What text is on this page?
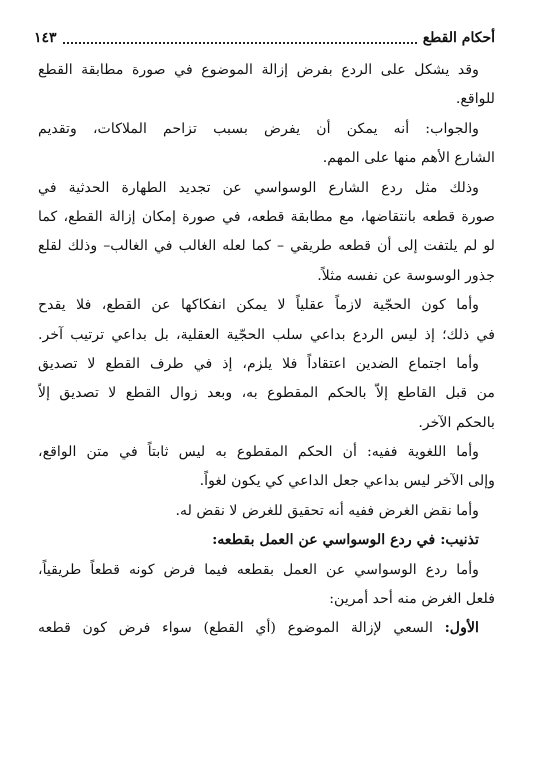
أحكام القطع
١٤٣
وقد يشكل على الردع بفرض إزالة الموضوع في صورة مطابقة القطع
للواقع.
والجواب: أنه يمكن أن يفرض بسبب تزاحم الملاكات، وتقديم
الشارع الأهم منها على المهم.
وذلك مثل ردع الشارع الوسواسي عن تجديد الطهارة الحدثية في
صورة قطعه بانتقاضها، مع مطابقة قطعه، في صورة إمكان إزالة القطع، كما
لو لم يلتفت إلى أن قطعه طريقي – كما لعله الغالب في الغالب– وذلك لقلع
جذور الوسوسة عن نفسه مثلاً.
وأما كون الحجّية لازماً عقلياً لا يمكن انفكاكها عن القطع، فلا يقدح
في ذلك؛ إذ ليس الردع بداعي سلب الحجّية العقلية، بل بداعي ترتيب آخر.
وأما اجتماع الضدين اعتقاداً فلا يلزم، إذ في طرف القطع لا تصديق
من قبل القاطع إلاّ بالحكم المقطوع به، وبعد زوال القطع لا تصديق إلاّ
بالحكم الآخر.
وأما اللغوية ففيه: أن الحكم المقطوع به ليس ثابتاً في متن الواقع،
وإلى الآخر ليس بداعي جعل الداعي كي يكون لغواً.
وأما نقض الغرض ففيه أنه تحقيق للغرض لا نقض له.
تذنيب: في ردع الوسواسي عن العمل بقطعه:
وأما ردع الوسواسي عن العمل بقطعه فيما فرض كونه قطعاً طريقياً،
فلعل الغرض منه أحد أمرين:
الأول: السعي لإزالة الموضوع (أي القطع) سواء فرض كون قطعه
